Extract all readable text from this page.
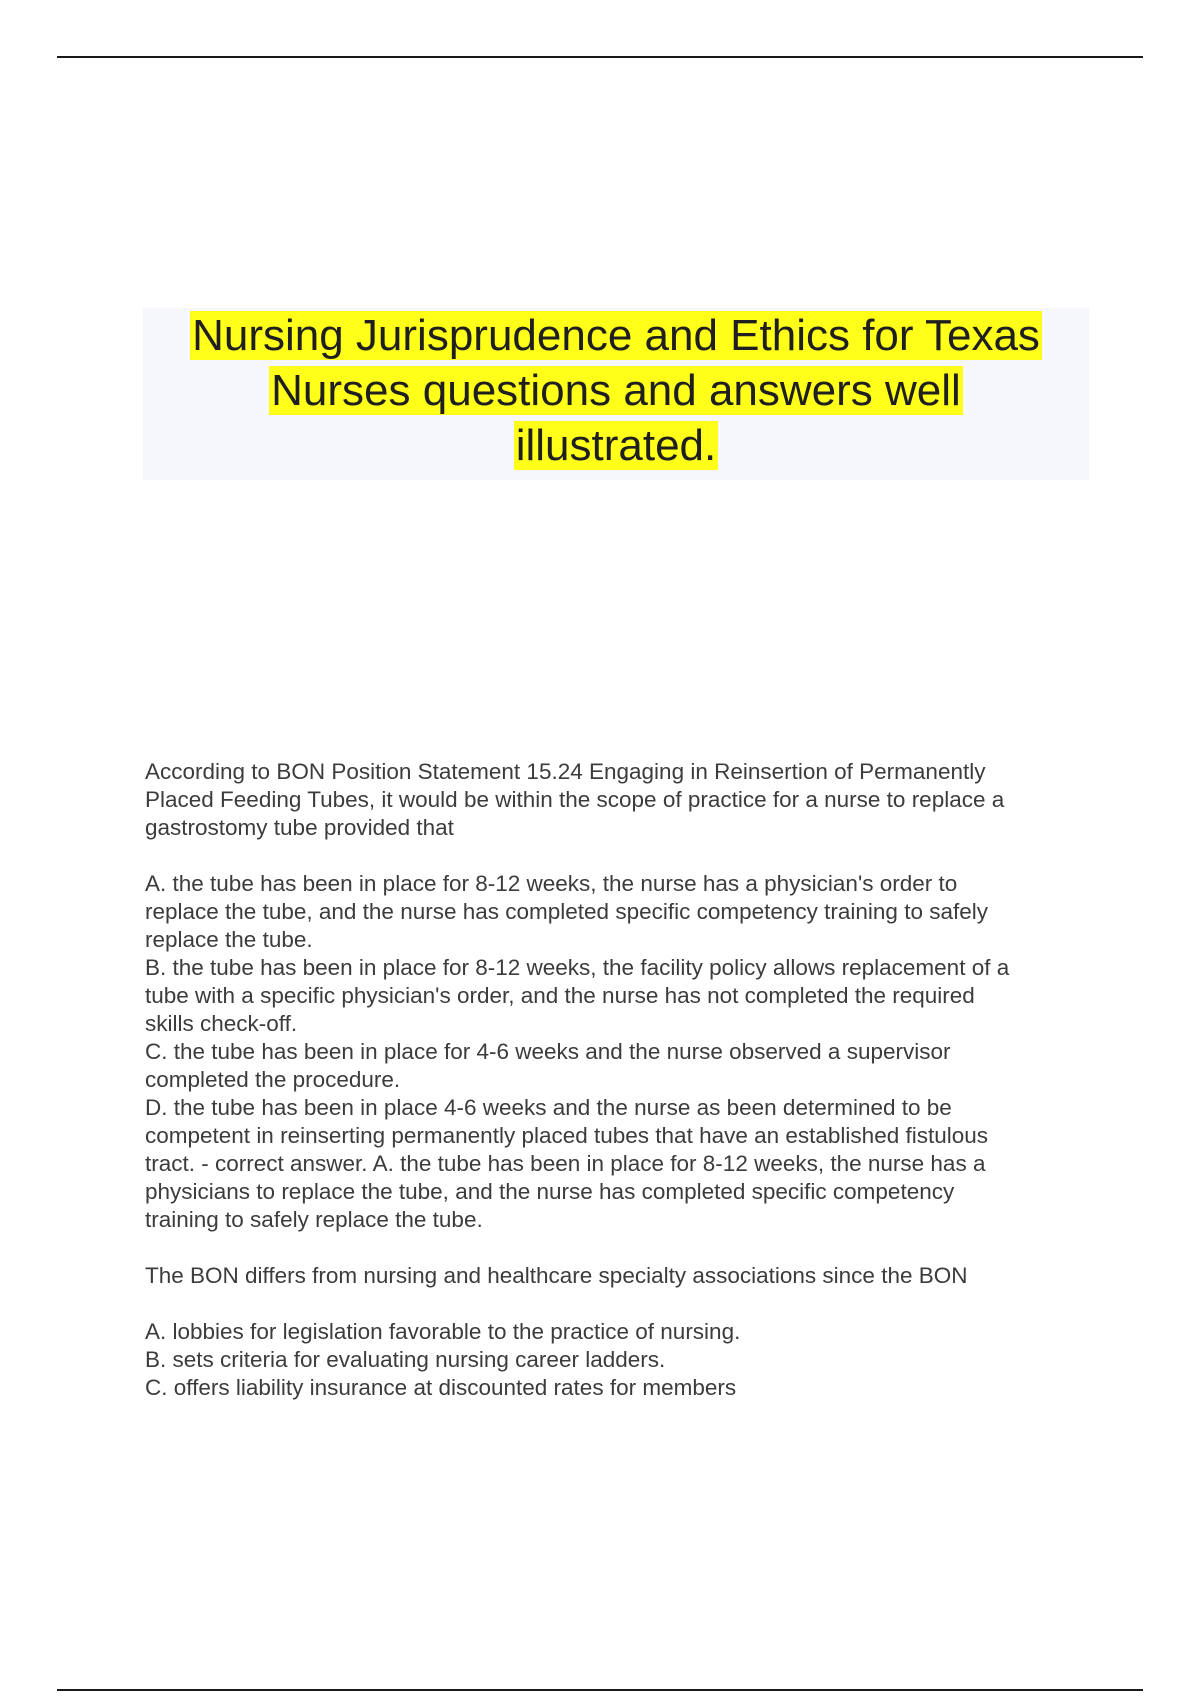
Nursing Jurisprudence and Ethics for Texas
Nurses questions and answers well
illustrated.
According to BON Position Statement 15.24 Engaging in Reinsertion of Permanently
Placed Feeding Tubes, it would be within the scope of practice for a nurse to replace a
gastrostomy tube provided that
A. the tube has been in place for 8-12 weeks, the nurse has a physician's order to
replace the tube, and the nurse has completed specific competency training to safely
replace the tube.
B. the tube has been in place for 8-12 weeks, the facility policy allows replacement of a
tube with a specific physician's order, and the nurse has not completed the required
skills check-off.
C. the tube has been in place for 4-6 weeks and the nurse observed a supervisor
completed the procedure.
D. the tube has been in place 4-6 weeks and the nurse as been determined to be
competent in reinserting permanently placed tubes that have an established fistulous
tract. - correct answer. A. the tube has been in place for 8-12 weeks, the nurse has a
physicians to replace the tube, and the nurse has completed specific competency
training to safely replace the tube.
The BON differs from nursing and healthcare specialty associations since the BON
A. lobbies for legislation favorable to the practice of nursing.
B. sets criteria for evaluating nursing career ladders.
C. offers liability insurance at discounted rates for members
